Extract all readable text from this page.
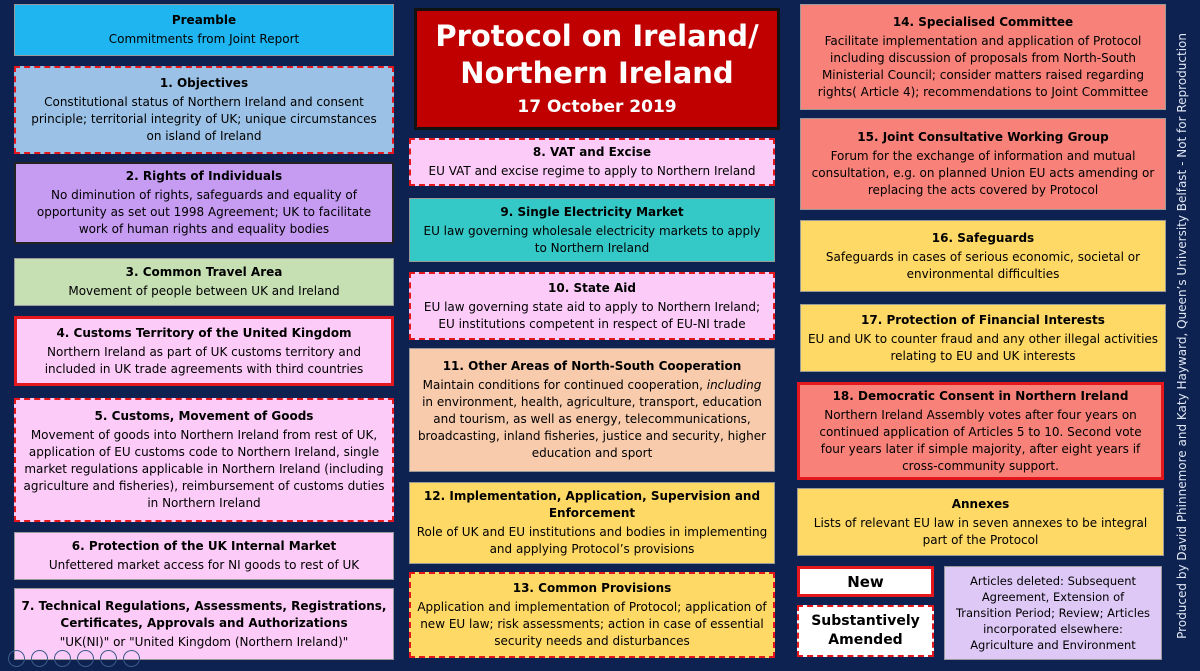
Protocol on Ireland/
Northern Ireland
17 October 2019
Preamble
Commitments from Joint Report
1. Objectives
Constitutional status of Northern Ireland and consent principle; territorial integrity of UK; unique circumstances on island of Ireland
2. Rights of Individuals
No diminution of rights, safeguards and equality of opportunity as set out 1998 Agreement; UK to facilitate work of human rights and equality bodies
3. Common Travel Area
Movement of people between UK and Ireland
4. Customs Territory of the United Kingdom
Northern Ireland as part of UK customs territory and included in UK trade agreements with third countries
5. Customs, Movement of Goods
Movement of goods into Northern Ireland from rest of UK, application of EU customs code to Northern Ireland, single market regulations applicable in Northern Ireland (including agriculture and fisheries), reimbursement of customs duties in Northern Ireland
6. Protection of the UK Internal Market
Unfettered market access for NI goods to rest of UK
7. Technical Regulations, Assessments, Registrations, Certificates, Approvals and Authorizations
"UK(NI)" or "United Kingdom (Northern Ireland)"
8. VAT and Excise
EU VAT and excise regime to apply to Northern Ireland
9. Single Electricity Market
EU law governing wholesale electricity markets to apply to Northern Ireland
10. State Aid
EU law governing state aid to apply to Northern Ireland; EU institutions competent in respect of EU-NI trade
11. Other Areas of North-South Cooperation
Maintain conditions for continued cooperation, including in environment, health, agriculture, transport, education and tourism, as well as energy, telecommunications, broadcasting, inland fisheries, justice and security, higher education and sport
12. Implementation, Application, Supervision and Enforcement
Role of UK and EU institutions and bodies in implementing and applying Protocol’s provisions
13. Common Provisions
Application and implementation of Protocol; application of new EU law; risk assessments; action in case of essential security needs and disturbances
14. Specialised Committee
Facilitate implementation and application of Protocol including discussion of proposals from North-South Ministerial Council; consider matters raised regarding rights( Article 4); recommendations to Joint Committee
15. Joint Consultative Working Group
Forum for the exchange of information and mutual consultation, e.g. on planned Union EU acts amending or replacing the acts covered by Protocol
16. Safeguards
Safeguards in cases of serious economic, societal or environmental difficulties
17. Protection of Financial Interests
EU and UK to counter fraud and any other illegal activities relating to EU and UK interests
18. Democratic Consent in Northern Ireland
Northern Ireland Assembly votes after four years on continued application of Articles 5 to 10. Second vote four years later if simple majority, after eight years if cross-community support.
Annexes
Lists of relevant EU law in seven annexes to be integral part of the Protocol
New
Substantively
Amended
Articles deleted: Subsequent Agreement, Extension of Transition Period; Review; Articles incorporated elsewhere: Agriculture and Environment
Produced by David Phinnemore and Katy Hayward, Queen’s University Belfast - Not for Reproduction
